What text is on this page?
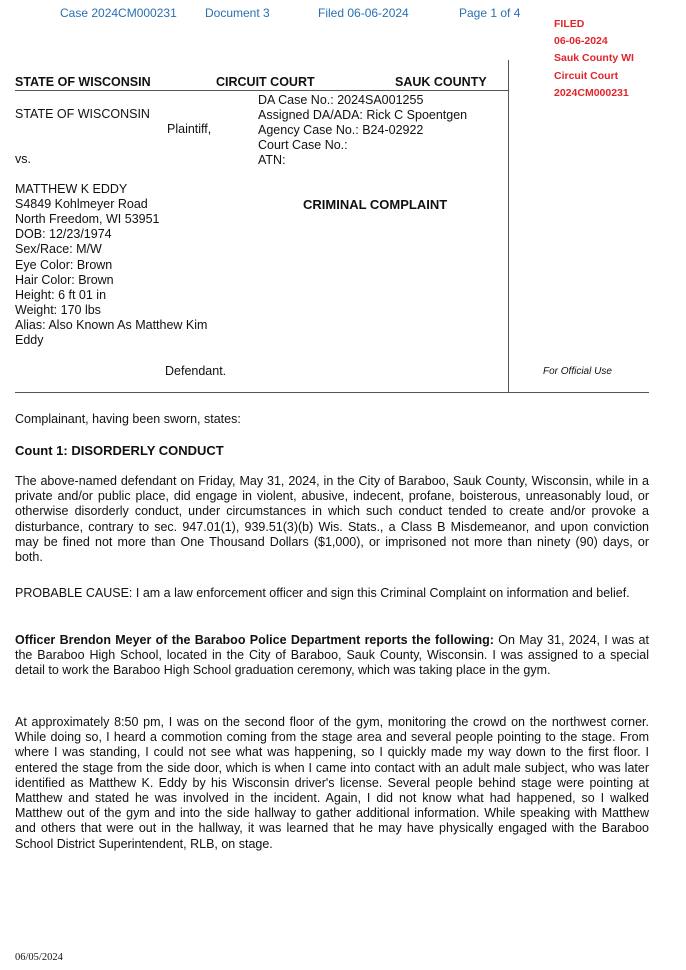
Case 2024CM000231 Document 3	Filed 06-06-2024	Page 1 of 4
FILED
06-06-2024
Sauk County WI
Circuit Court
2024CM000231
STATE OF WISCONSIN	CIRCUIT COURT	SAUK COUNTY
STATE OF WISCONSIN
Plaintiff,
vs.
DA Case No.: 2024SA001255
Assigned DA/ADA: Rick C Spoentgen
Agency Case No.: B24-02922
Court Case No.:
ATN:
CRIMINAL COMPLAINT
MATTHEW K EDDY
S4849 Kohlmeyer Road
North Freedom, WI 53951
DOB: 12/23/1974
Sex/Race: M/W
Eye Color: Brown
Hair Color: Brown
Height: 6 ft 01 in
Weight: 170 lbs
Alias: Also Known As Matthew Kim
Eddy
Defendant.	For Official Use
Complainant, having been sworn, states:
Count 1: DISORDERLY CONDUCT
The above-named defendant on Friday, May 31, 2024, in the City of Baraboo, Sauk County, Wisconsin, while in a private and/or public place, did engage in violent, abusive, indecent, profane, boisterous, unreasonably loud, or otherwise disorderly conduct, under circumstances in which such conduct tended to create and/or provoke a disturbance, contrary to sec. 947.01(1), 939.51(3)(b) Wis. Stats., a Class B Misdemeanor, and upon conviction may be fined not more than One Thousand Dollars ($1,000), or imprisoned not more than ninety (90) days, or both.
PROBABLE CAUSE: I am a law enforcement officer and sign this Criminal Complaint on information and belief.
Officer Brendon Meyer of the Baraboo Police Department reports the following: On May 31, 2024, I was at the Baraboo High School, located in the City of Baraboo, Sauk County, Wisconsin. I was assigned to a special detail to work the Baraboo High School graduation ceremony, which was taking place in the gym.
At approximately 8:50 pm, I was on the second floor of the gym, monitoring the crowd on the northwest corner. While doing so, I heard a commotion coming from the stage area and several people pointing to the stage. From where I was standing, I could not see what was happening, so I quickly made my way down to the first floor. I entered the stage from the side door, which is when I came into contact with an adult male subject, who was later identified as Matthew K. Eddy by his Wisconsin driver's license. Several people behind stage were pointing at Matthew and stated he was involved in the incident. Again, I did not know what had happened, so I walked Matthew out of the gym and into the side hallway to gather additional information. While speaking with Matthew and others that were out in the hallway, it was learned that he may have physically engaged with the Baraboo School District Superintendent, RLB, on stage.
06/05/2024
